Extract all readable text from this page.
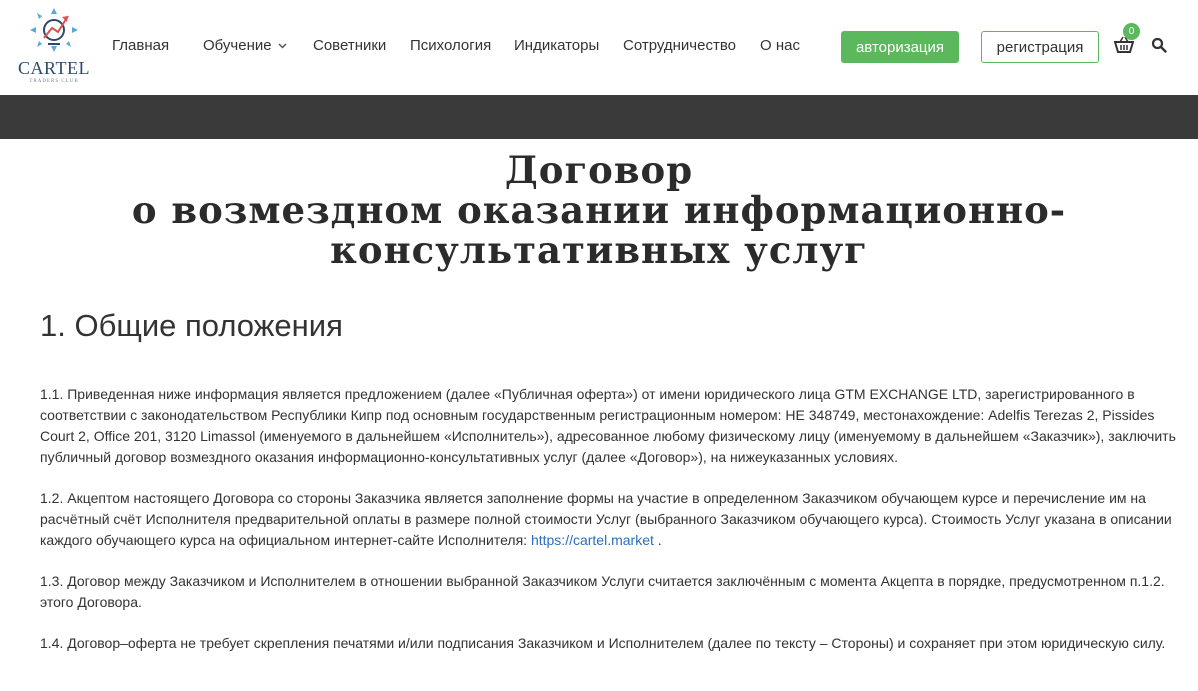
CARTEL
TRADERS CLUB
Главная Обучение	Советники Психология Индикаторы Сотрудничество О нас	авторизация	регистрация
0
Договор
о возмездном оказании информационно-
консультативных услуг
1. Общие положения

1.1. Приведенная ниже информация является предложением (далее «Публичная оферта») от имени юридического лица GTM EXCHANGE LTD, зарегистрированного в соответствии с законодательством Республики Кипр под основным государственным регистрационным номером: НЕ 348749, местонахождение: Adelfis Terezas 2, Pissides Court 2, Office 201, 3120 Limassol (именуемого в дальнейшем «Исполнитель»), адресованное любому физическому лицу (именуемому в дальнейшем «Заказчик»), заключить публичный договор возмездного оказания информационно-консультативных услуг (далее «Договор»), на нижеуказанных условиях.

1.2. Акцептом настоящего Договора со стороны Заказчика является заполнение формы на участие в определенном Заказчиком обучающем курсе и перечисление им на расчётный счёт Исполнителя предварительной оплаты в размере полной стоимости Услуг (выбранного Заказчиком обучающего курса). Стоимость Услуг указана в описании каждого обучающего курса на официальном интернет-сайте Исполнителя: https://cartel.market .

1.3. Договор между Заказчиком и Исполнителем в отношении выбранной Заказчиком Услуги считается заключённым с момента Акцепта в порядке, предусмотренном п.1.2. этого Договора.

1.4. Договор–оферта не требует скрепления печатями и/или подписания Заказчиком и Исполнителем (далее по тексту – Стороны) и сохраняет при этом юридическую силу.
